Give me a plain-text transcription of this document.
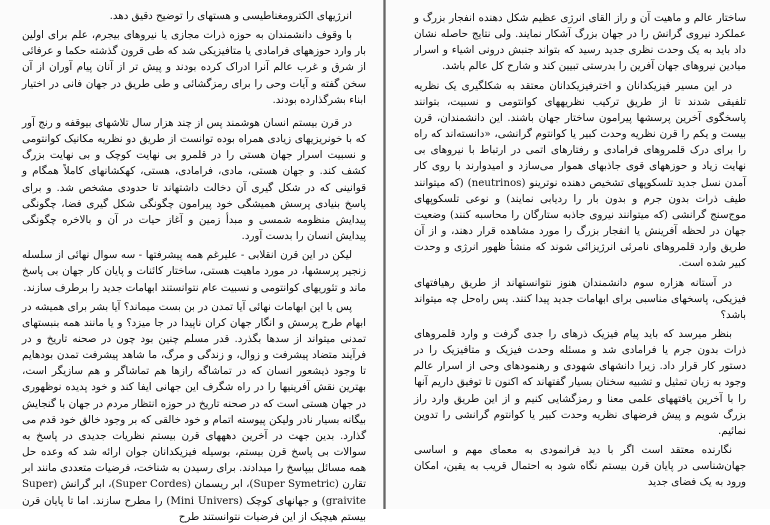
انرژیهای الکترومغناطیسی و هستهای را توضیح دقیق دهد.

با وقوف دانشمندان به حوزه ذرات مجازی یا نیروهای بیجرم، علم برای اولین بار وارد حوزههای فرامادی یا متافیزیکی شد که طی قرون گذشته حکما و عرفائی از شرق و غرب عالم آنرا ادراک کرده بودند و پیش تر از آنان پیام آوران از آن سخن گفته و آیات وحی را برای رمزگشائی و طی طریق در جهان فانی در اختیار ابناء بشرگذارده بودند.

در قرن بیستم انسان هوشمند پس از چند هزار سال تلاشهای بیوقفه و رنج آور که با خونریزیهای زیادی همراه بوده توانست از طریق دو نظریه مکانیک کوانتومی و نسبیت اسرار جهان هستی را در قلمرو بی نهایت کوچک و بی نهایت بزرگ کشف کند. و جهان هستی، مادی، فرامادی، هستی، کهکشانهای کاملاً همگام و قوانینی که در شکل گیری آن دخالت داشتهاند تا حدودی مشخص شد. و برای پاسخ بنیادی پرسش همیشگی خود پیرامون چگونگی شکل گیری فضا، چگونگی پیدایش منظومه شمسی و مبدأ زمین و آغاز حیات در آن و بالاخره چگونگی پیدایش انسان را بدست آورد.

لیکن در این قرن انقلابی - علیرغم همه پیشرفتها - سه سوال نهائی از سلسله زنجیر پرسشها، در مورد ماهیت هستی، ساختار کائنات و پایان کار جهان بی پاسخ ماند و تئوریهای کوانتومی و نسبیت عام نتوانستند ابهامات جدید را برطرف سازند.

پس با این ابهامات نهائی آیا تمدن در بن بست میماند؟ آیا بشر برای همیشه در ابهام طرح پرسش و انگار جهان کران ناپیدا در جا میزد؟ و یا مانند همه بنبستهای تمدنی میتواند از سدها بگذرد. قدر مسلم چنین بود چون در صحنه تاریخ و در فرآیند متضاد پیشرفت و زوال، و زندگی و مرگ، ما شاهد پیشرفت تمدن بودهایم تا وجود ذیشعور انسان که در تماشاگه رازها هم تماشاگر و هم سازیگر است، بهترین نقش آفرینیها را در راه شگرف این جهانی ایفا کند و خود پدیده نوظهوری در جهان هستی است که در صحنه تاریخ در حوزه انتظار مردم در جهان با گنجایش بیگانه بسیار نادر ولیکن پیوسته اتمام و خود خالقی که بر وجود خالق خود قدم می گذارد. بدین جهت در آخرین دهههای قرن بیستم نظریات جدیدی در پاسخ به سوالات بی پاسخ قرن بیستم، بوسیله فیزیکدانان جوان ارائه شد که وعده حل همه مسائل بیپاسخ را میدادند. برای رسیدن به شناخت، فرضیات متعددی مانند ابر تقارن (Super Symetric)، ابر ریسمان (Super Cordes)، ابر گرانش (Super graivite) و جهانهای کوچک (Mini Univers) را مطرح سازند. اما تا پایان قرن بیستم هیچیک از این فرضیات نتوانستند طرح

ساختار عالم و ماهیت آن و راز القای انرژی عظیم شکل دهنده انفجار بزرگ و عملکرد نیروی گرانش را در جهان بزرگ آشکار نمایند. ولی نتایج حاصله نشان داد باید به یک وحدت نظری جدید رسید که بتواند جنبش درونی اشیاء و اسرار میادین نیروهای جهان آفرین را بدرستی تبیین کند و شارح کل عالم باشد.

در این مسیر فیزیکدانان و اخترفیزیکدانان معتقد به شکلگیری یک نظریه تلفیقی شدند تا از طریق ترکیب نظریههای کوانتومی و نسبیت، بتوانند پاسخگوی آخرین پرسشها پیرامون ساختار جهان باشند. این دانشمندان، قرن بیست و یکم را قرن نظریه وحدت کبیر یا کوانتوم گرانشی، «دانسته‌اند که راه را برای درک قلمروهای فرامادی و رفتارهای اتمی در ارتباط با نیروهای بی نهایت زیاد و حوزههای قوی جاذبهای هموار می‌سازد و امیدوارند با روی کار آمدن نسل جدید تلسکوپهای تشخیص دهنده نوترینو (neutrinos) (که میتوانند طیف ذرات بدون جرم و بدون بار را ردیابی نمایند) و نوعی تلسکوپهای موج‌سنج گرانشی (که میتوانند نیروی جاذبه ستارگان را محاسبه کنند) وضعیت جهان در لحظه آفرینش یا انفجار بزرگ را مورد مشاهده قرار دهند، و از آن طریق وارد قلمروهای نامرئی انرژیزائی شوند که منشأ ظهور انرژی و وحدت کبیر شده است.

در آستانه هزاره سوم دانشمندان هنوز نتوانستهاند از طریق رهیافتهای فیزیکی، پاسخهای مناسبی برای ابهامات جدید پیدا کنند. پس راه‌حل چه میتواند باشد؟

بنظر میرسد که باید پیام فیزیک ذرهای را جدی گرفت و وارد قلمروهای ذرات بدون جرم یا فرامادی شد و مسئله وحدت فیزیک و متافیزیک را در دستور کار قرار داد. زیرا دانشهای شهودی و رهنمودهای وحی از اسرار عالم وجود به زبان تمثیل و تشبیه سخنان بسیار گفتهاند که اکنون تا توفیق داریم آنها را با آخرین یافتههای علمی معنا و رمزگشایی کنیم و از این طریق وارد راز بزرگ شویم و پیش فرضهای نظریه وحدت کبیر یا کوانتوم گرانشی را تدوین نمائیم.

نگارنده معتقد است اگر با دید فرانمودی به معمای مهم و اساسی جهان‌شناسی در پایان قرن بیستم نگاه شود به احتمال قریب به یقین، امکان ورود به یک فضای جدید
